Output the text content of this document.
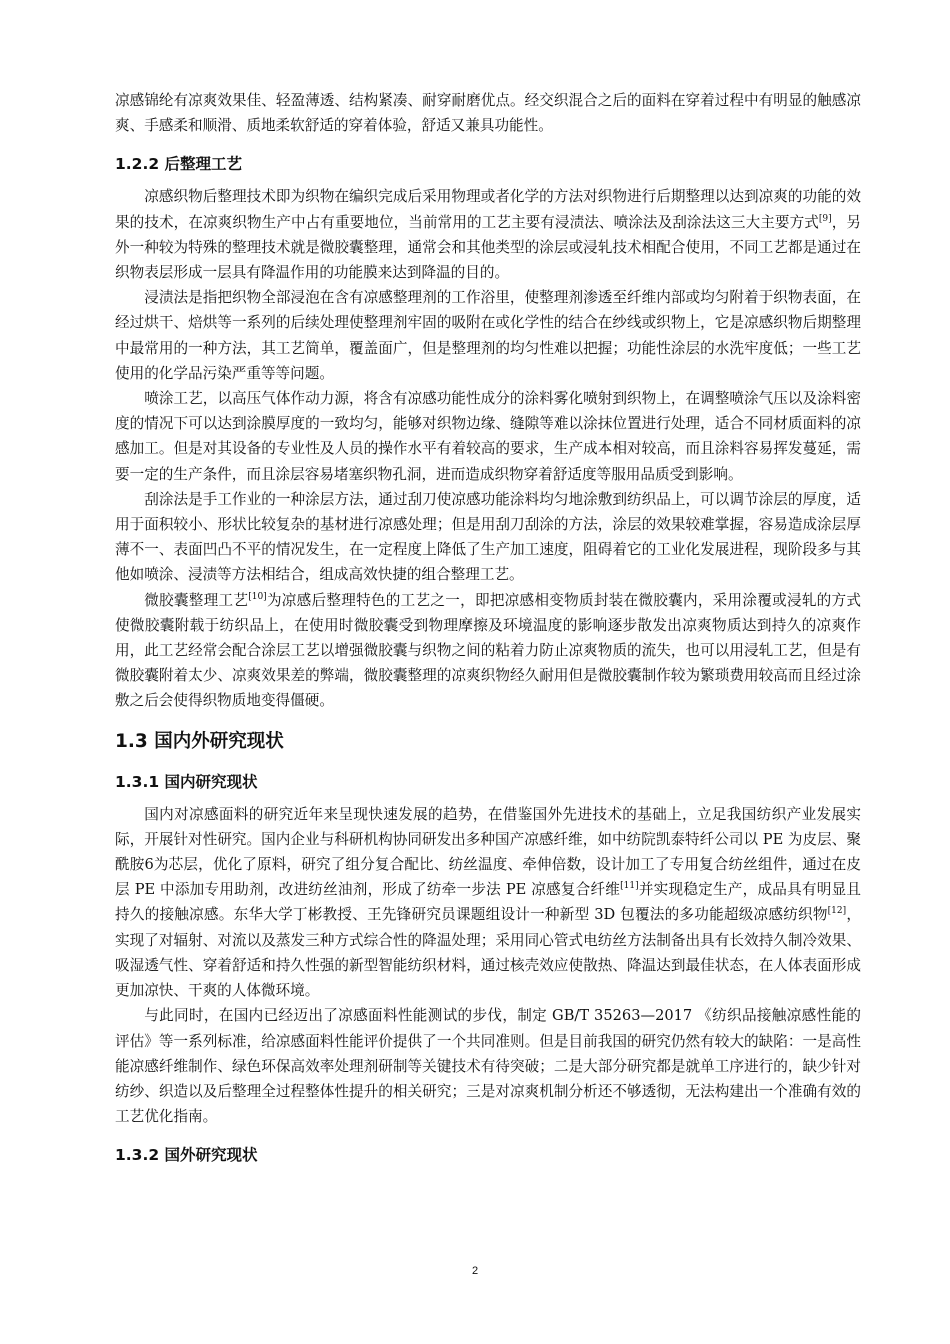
凉感锦纶有凉爽效果佳、轻盈薄透、结构紧凑、耐穿耐磨优点。经交织混合之后的面料在穿着过程中有明显的触感凉爽、手感柔和顺滑、质地柔软舒适的穿着体验，舒适又兼具功能性。

1.2.2 后整理工艺

凉感织物后整理技术即为织物在编织完成后采用物理或者化学的方法对织物进行后期整理以达到凉爽的功能的效果的技术，在凉爽织物生产中占有重要地位，当前常用的工艺主要有浸渍法、喷涂法及刮涂法这三大主要方式[9]，另外一种较为特殊的整理技术就是微胶囊整理，通常会和其他类型的涂层或浸轧技术相配合使用，不同工艺都是通过在织物表层形成一层具有降温作用的功能膜来达到降温的目的。

浸渍法是指把织物全部浸泡在含有凉感整理剂的工作浴里，使整理剂渗透至纤维内部或均匀附着于织物表面，在经过烘干、焙烘等一系列的后续处理使整理剂牢固的吸附在或化学性的结合在纱线或织物上，它是凉感织物后期整理中最常用的一种方法，其工艺简单，覆盖面广，但是整理剂的均匀性难以把握；功能性涂层的水洗牢度低；一些工艺使用的化学品污染严重等等问题。

喷涂工艺，以高压气体作动力源，将含有凉感功能性成分的涂料雾化喷射到织物上，在调整喷涂气压以及涂料密度的情况下可以达到涂膜厚度的一致均匀，能够对织物边缘、缝隙等难以涂抹位置进行处理，适合不同材质面料的凉感加工。但是对其设备的专业性及人员的操作水平有着较高的要求，生产成本相对较高，而且涂料容易挥发蔓延，需要一定的生产条件，而且涂层容易堵塞织物孔洞，进而造成织物穿着舒适度等服用品质受到影响。

刮涂法是手工作业的一种涂层方法，通过刮刀使凉感功能涂料均匀地涂敷到纺织品上，可以调节涂层的厚度，适用于面积较小、形状比较复杂的基材进行凉感处理；但是用刮刀刮涂的方法，涂层的效果较难掌握，容易造成涂层厚薄不一、表面凹凸不平的情况发生，在一定程度上降低了生产加工速度，阻碍着它的工业化发展进程，现阶段多与其他如喷涂、浸渍等方法相结合，组成高效快捷的组合整理工艺。

微胶囊整理工艺[10]为凉感后整理特色的工艺之一，即把凉感相变物质封装在微胶囊内，采用涂覆或浸轧的方式使微胶囊附载于纺织品上，在使用时微胶囊受到物理摩擦及环境温度的影响逐步散发出凉爽物质达到持久的凉爽作用，此工艺经常会配合涂层工艺以增强微胶囊与织物之间的粘着力防止凉爽物质的流失，也可以用浸轧工艺，但是有微胶囊附着太少、凉爽效果差的弊端，微胶囊整理的凉爽织物经久耐用但是微胶囊制作较为繁琐费用较高而且经过涂敷之后会使得织物质地变得僵硬。

1.3 国内外研究现状
1.3.1 国内研究现状

国内对凉感面料的研究近年来呈现快速发展的趋势，在借鉴国外先进技术的基础上，立足我国纺织产业发展实际，开展针对性研究。国内企业与科研机构协同研发出多种国产凉感纤维，如中纺院凯泰特纤公司以 PE 为皮层、聚酰胺6为芯层，优化了原料，研究了组分复合配比、纺丝温度、牵伸倍数，设计加工了专用复合纺丝组件，通过在皮层 PE 中添加专用助剂，改进纺丝油剂，形成了纺牵一步法 PE 凉感复合纤维[11]并实现稳定生产，成品具有明显且持久的接触凉感。东华大学丁彬教授、王先锋研究员课题组设计一种新型 3D 包覆法的多功能超级凉感纺织物[12]，实现了对辐射、对流以及蒸发三种方式综合性的降温处理；采用同心管式电纺丝方法制备出具有长效持久制冷效果、吸湿透气性、穿着舒适和持久性强的新型智能纺织材料，通过核壳效应使散热、降温达到最佳状态，在人体表面形成更加凉快、干爽的人体微环境。

与此同时，在国内已经迈出了凉感面料性能测试的步伐，制定 GB/T 35263—2017 《纺织品接触凉感性能的评估》等一系列标准，给凉感面料性能评价提供了一个共同准则。但是目前我国的研究仍然有较大的缺陷：一是高性能凉感纤维制作、绿色环保高效率处理剂研制等关键技术有待突破；二是大部分研究都是就单工序进行的，缺少针对纺纱、织造以及后整理全过程整体性提升的相关研究；三是对凉爽机制分析还不够透彻，无法构建出一个准确有效的工艺优化指南。

1.3.2 国外研究现状
2
